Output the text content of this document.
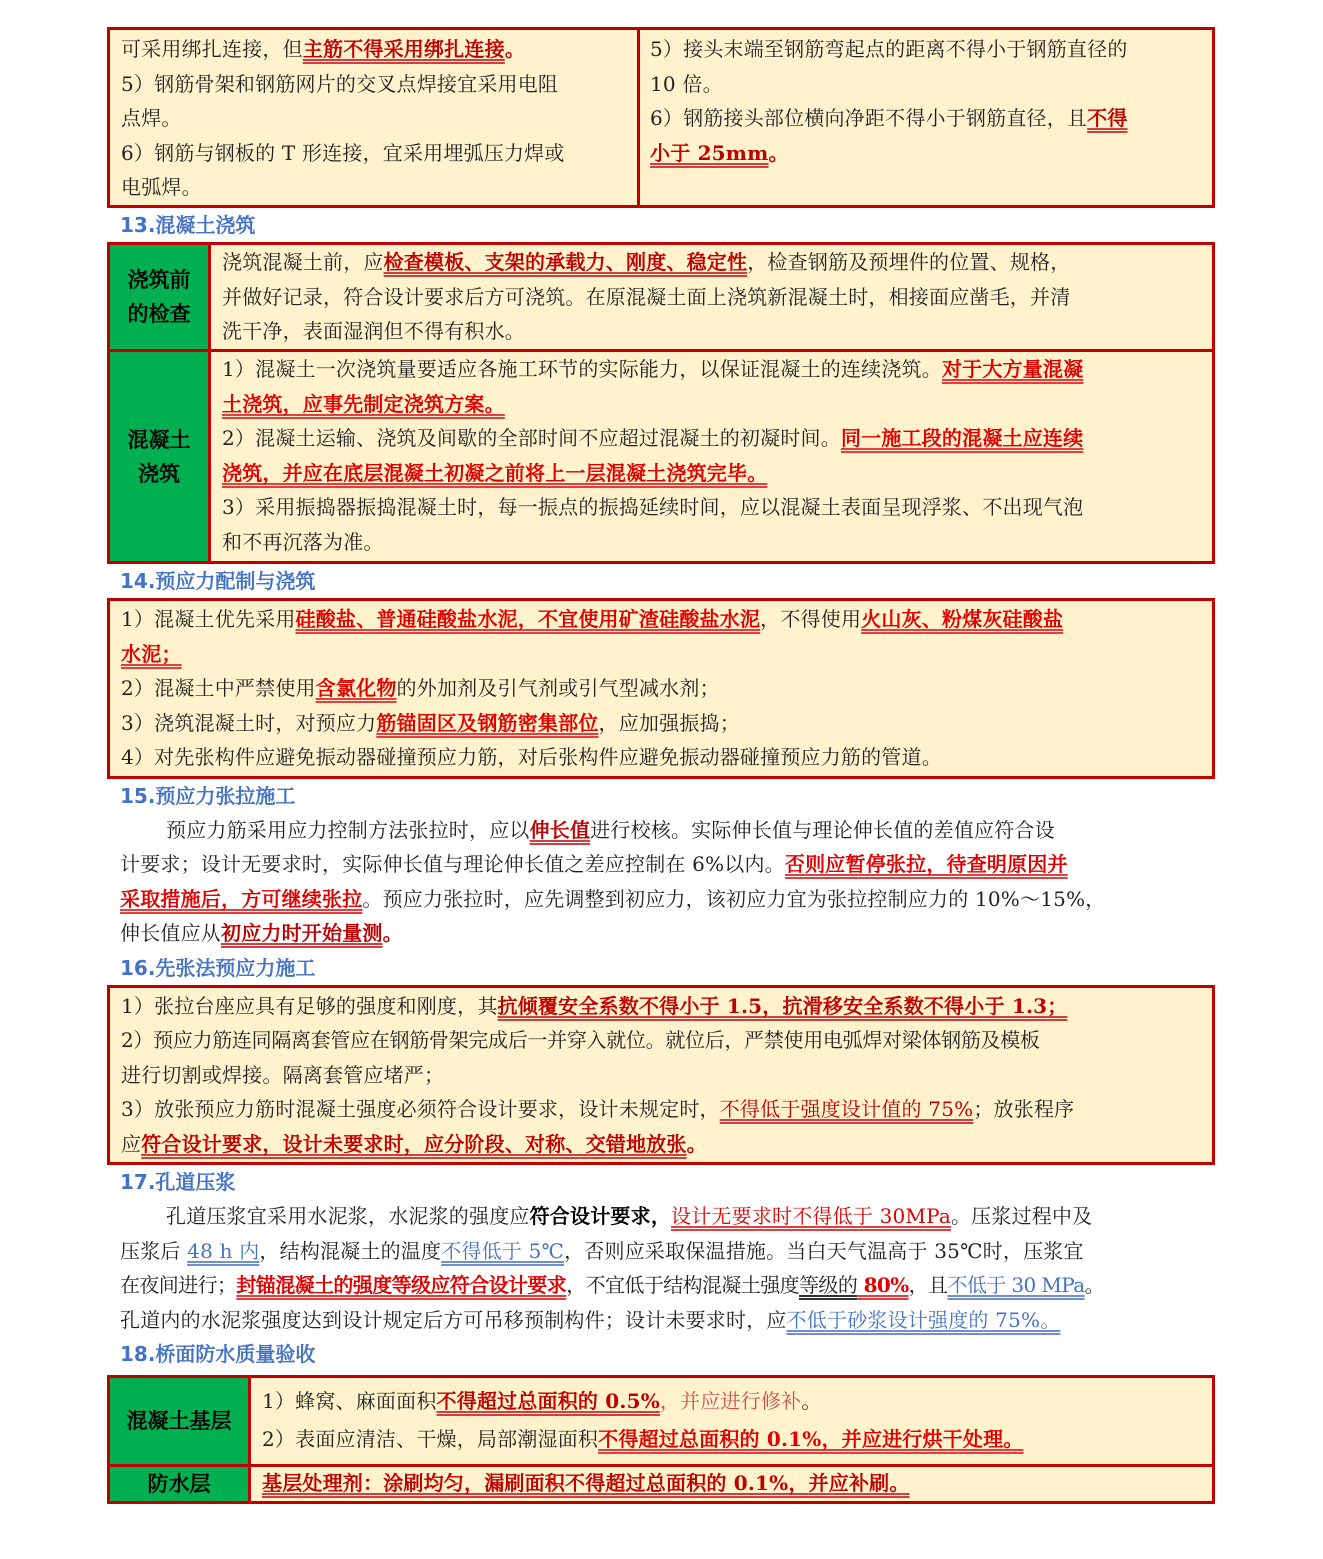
可采用绑扎连接，但主筋不得采用绑扎连接。
5）钢筋骨架和钢筋网片的交叉点焊接宜采用电阻
点焊。
6）钢筋与钢板的 T 形连接，宜采用埋弧压力焊或
电弧焊。
5）接头末端至钢筋弯起点的距离不得小于钢筋直径的
10 倍。
6）钢筋接头部位横向净距不得小于钢筋直径，且不得
小于 25mm。
13.混凝土浇筑
浇筑前
的检查
浇筑混凝土前，应检查模板、支架的承载力、刚度、稳定性，检查钢筋及预埋件的位置、规格，
并做好记录，符合设计要求后方可浇筑。在原混凝土面上浇筑新混凝土时，相接面应凿毛，并清
洗干净，表面湿润但不得有积水。
混凝土
浇筑
1）混凝土一次浇筑量要适应各施工环节的实际能力，以保证混凝土的连续浇筑。对于大方量混凝
土浇筑，应事先制定浇筑方案。
2）混凝土运输、浇筑及间歇的全部时间不应超过混凝土的初凝时间。同一施工段的混凝土应连续
浇筑，并应在底层混凝土初凝之前将上一层混凝土浇筑完毕。
3）采用振捣器振捣混凝土时，每一振点的振捣延续时间，应以混凝土表面呈现浮浆、不出现气泡
和不再沉落为准。
14.预应力配制与浇筑
1）混凝土优先采用硅酸盐、普通硅酸盐水泥，不宜使用矿渣硅酸盐水泥，不得使用火山灰、粉煤灰硅酸盐
水泥；
2）混凝土中严禁使用含氯化物的外加剂及引气剂或引气型减水剂；
3）浇筑混凝土时，对预应力筋锚固区及钢筋密集部位，应加强振捣；
4）对先张构件应避免振动器碰撞预应力筋，对后张构件应避免振动器碰撞预应力筋的管道。
15.预应力张拉施工
预应力筋采用应力控制方法张拉时，应以伸长值进行校核。实际伸长值与理论伸长值的差值应符合设
计要求；设计无要求时，实际伸长值与理论伸长值之差应控制在 6%以内。否则应暂停张拉，待查明原因并
采取措施后，方可继续张拉。预应力张拉时，应先调整到初应力，该初应力宜为张拉控制应力的 10%～15%，
伸长值应从初应力时开始量测。
16.先张法预应力施工
1）张拉台座应具有足够的强度和刚度，其抗倾覆安全系数不得小于 1.5，抗滑移安全系数不得小于 1.3；
2）预应力筋连同隔离套管应在钢筋骨架完成后一并穿入就位。就位后，严禁使用电弧焊对梁体钢筋及模板
进行切割或焊接。隔离套管应堵严；
3）放张预应力筋时混凝土强度必须符合设计要求，设计未规定时，不得低于强度设计值的 75%；放张程序
应符合设计要求，设计未要求时，应分阶段、对称、交错地放张。
17.孔道压浆
孔道压浆宜采用水泥浆，水泥浆的强度应符合设计要求，设计无要求时不得低于 30MPa。压浆过程中及
压浆后 48 h 内，结构混凝土的温度不得低于 5℃，否则应采取保温措施。当白天气温高于 35℃时，压浆宜
在夜间进行；封锚混凝土的强度等级应符合设计要求，不宜低于结构混凝土强度等级的 80%，且不低于 30 MPa。
孔道内的水泥浆强度达到设计规定后方可吊移预制构件；设计未要求时，应不低于砂浆设计强度的 75%。
18.桥面防水质量验收
混凝土基层
1）蜂窝、麻面面积不得超过总面积的 0.5%，并应进行修补。
2）表面应清洁、干燥，局部潮湿面积不得超过总面积的 0.1%，并应进行烘干处理。
防水层	基层处理剂：涂刷均匀，漏刷面积不得超过总面积的 0.1%，并应补刷。
